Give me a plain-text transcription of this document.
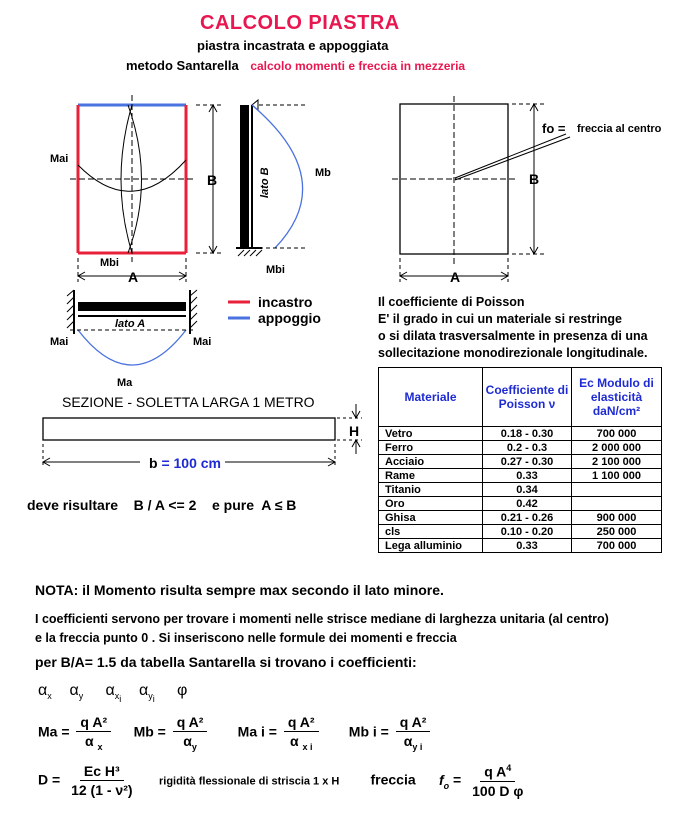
CALCOLO PIASTRA
piastra incastrata e appoggiata
metodo Santarella calcolo momenti e freccia in mezzeria
Mai
Mbi
B
A
lato B	Mb
Mbi
B
fo = freccia al centro
A
lato A
Mai	Mai
Ma
incastro
appoggio
Il coefficiente di Poisson
E' il grado in cui un materiale si restringe
o si dilata trasversalmente in presenza di una
sollecitazione monodirezionale longitudinale.
Materiale	Coefficiente di Poisson ν	Ec Modulo di elasticità daN/cm²
Vetro	0.18 - 0.30	700 000
Ferro	0.2 - 0.3	2 000 000
Acciaio	0.27 - 0.30	2 100 000
Rame	0.33	1 100 000
Titanio	0.34	
Oro	0.42	
Ghisa	0.21 - 0.26	900 000
cls	0.10 - 0.20	250 000
Lega alluminio	0.33	700 000
SEZIONE - SOLETTA LARGA 1 METRO
H
b = 100 cm
deve risultare B / A <= 2 e pure A ≤ B
NOTA: il Momento risulta sempre max secondo il lato minore.
I coefficienti servono per trovare i momenti nelle strisce mediane di larghezza unitaria (al centro)
e la freccia punto 0 . Si inseriscono nelle formule dei momenti e freccia
per B/A= 1.5 da tabella Santarella si trovano i coefficienti:
$\alpha_x$    $\alpha_y$     $\alpha_{x_i}$    $\alpha_{y_i}$     φ
$Ma = \frac{\text{q A²}}{\alpha _x}$ $Mb = \frac{\text{q A²}}{\alpha_y}$ Ma $i = \frac{\text{q A²}}{\alpha _{x i}}$ Mb $i = \frac{\text{q A²}}{\alpha_{y i}}$
$D = \frac{\text{Ec H³}}{\text{12 (1 - ν²)}}$ rigidità flessionale di striscia 1 x H freccia $f_o = \frac{q A^4}{\text{100 D φ}}$
